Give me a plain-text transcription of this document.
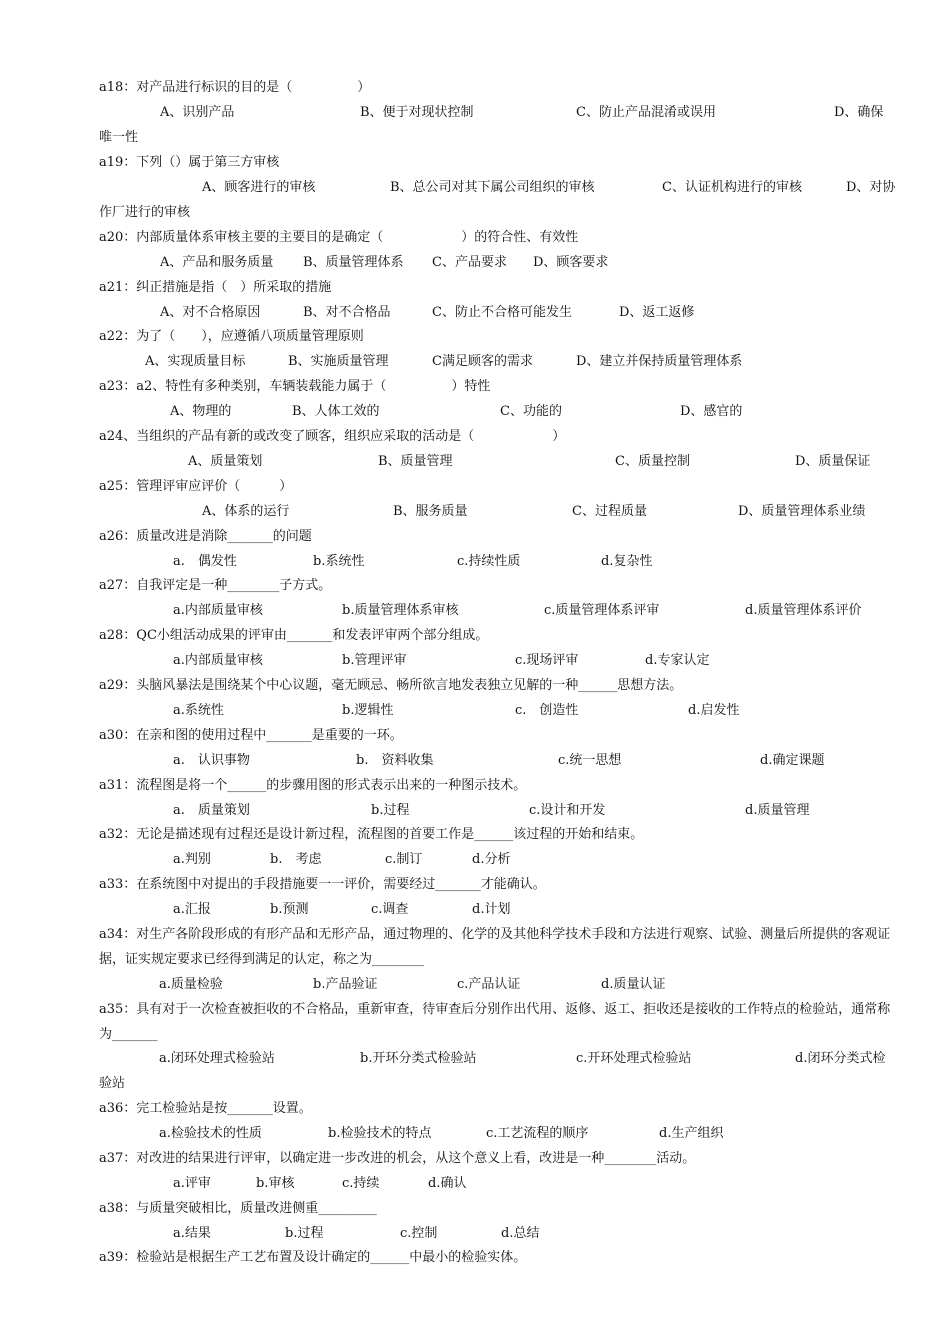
a18：对产品进行标识的目的是（　　　　　）
A、识别产品	B、便于对现状控制	C、防止产品混淆或误用	D、确保
唯一性
a19：下列（）属于第三方审核
A、顾客进行的审核	B、总公司对其下属公司组织的审核	C、认证机构进行的审核	D、对协
作厂进行的审核
a20：内部质量体系审核主要的主要目的是确定（　　　　　　）的符合性、有效性
A、产品和服务质量 B、质量管理体系 C、产品要求 D、顾客要求
a21：纠正措施是指（　）所采取的措施
A、对不合格原因	B、对不合格品	C、防止不合格可能发生	D、返工返修
a22：为了（　　），应遵循八项质量管理原则
A、实现质量目标	B、实施质量管理	C满足顾客的需求	D、建立并保持质量管理体系
a23：a2、特性有多种类别，车辆装载能力属于（　　　　　）特性
A、物理的	B、人体工效的	C、功能的	D、感官的
a24、当组织的产品有新的或改变了顾客，组织应采取的活动是（　　　　　　）
A、质量策划	B、质量管理	C、质量控制	D、质量保证
a25：管理评审应评价（　　　）
A、体系的运行	B、服务质量	C、过程质量	D、质量管理体系业绩
a26：质量改进是消除_______的问题
a.　偶发性	b.系统性	c.持续性质	d.复杂性
a27：自我评定是一种________子方式。
a.内部质量审核	b.质量管理体系审核	c.质量管理体系评审	d.质量管理体系评价
a28：QC小组活动成果的评审由_______和发表评审两个部分组成。
a.内部质量审核	b.管理评审	c.现场评审	d.专家认定
a29：头脑风暴法是围绕某个中心议题，毫无顾忌、畅所欲言地发表独立见解的一种______思想方法。
a.系统性	b.逻辑性	c.　创造性	d.启发性
a30：在亲和图的使用过程中_______是重要的一环。
a.　认识事物	b.　资料收集	c.统一思想	d.确定课题
a31：流程图是将一个______的步骤用图的形式表示出来的一种图示技术。
a.　质量策划	b.过程	c.设计和开发	d.质量管理
a32：无论是描述现有过程还是设计新过程，流程图的首要工作是______该过程的开始和结束。
a.判别	b.　考虑	c.制订	d.分析
a33：在系统图中对提出的手段措施要一一评价，需要经过_______才能确认。
a.汇报	b.预测	c.调查	d.计划
a34：对生产各阶段形成的有形产品和无形产品，通过物理的、化学的及其他科学技术手段和方法进行观察、试验、测量后所提供的客观证据，证实规定要求已经得到满足的认定，称之为________
a.质量检验	b.产品验证	c.产品认证	d.质量认证
a35：具有对于一次检查被拒收的不合格品，重新审查，待审查后分别作出代用、返修、返工、拒收还是接收的工作特点的检验站，通常称为_______
a.闭环处理式检验站	b.开环分类式检验站	c.开环处理式检验站	d.闭环分类式检
验站
a36：完工检验站是按_______设置。
a.检验技术的性质	b.检验技术的特点	c.工艺流程的顺序	d.生产组织
a37：对改进的结果进行评审，以确定进一步改进的机会，从这个意义上看，改进是一种________活动。
a.评审	b.审核	c.持续	d.确认
a38：与质量突破相比，质量改进侧重_________
a.结果	b.过程	c.控制	d.总结
a39：检验站是根据生产工艺布置及设计确定的______中最小的检验实体。
